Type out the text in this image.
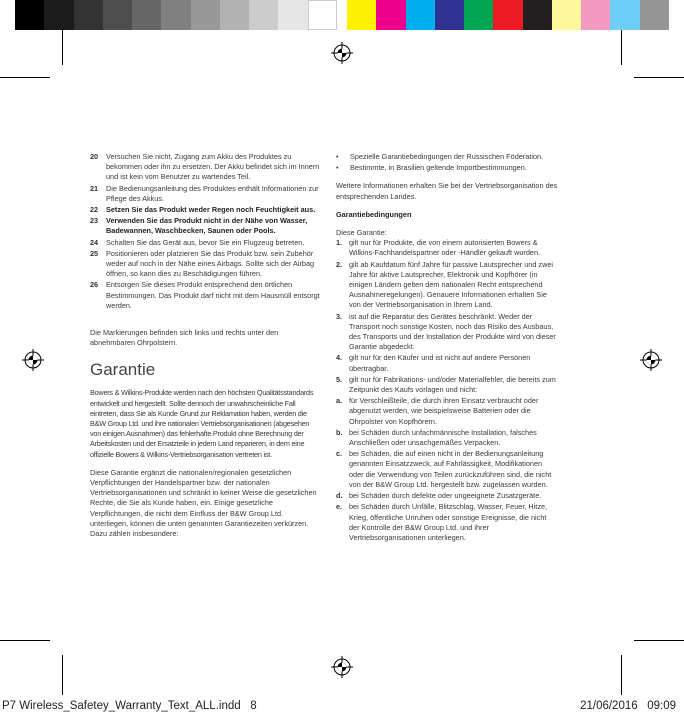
20	Versuchen Sie nicht, Zugang zum Akku des Produktes zu bekommen oder ihn zu ersetzen. Der Akku befindet sich im Innern und ist kein vom Benutzer zu wartendes Teil.
21	Die Bedienungsanleitung des Produktes enthält Informationen zur Pflege des Akkus.
22	Setzen Sie das Produkt weder Regen noch Feuchtigkeit aus.
23	Verwenden Sie das Produkt nicht in der Nähe von Wasser, Badewannen, Waschbecken, Saunen oder Pools.
24	Schalten Sie das Gerät aus, bevor Sie ein Flugzeug betreten.
25	Positionieren oder platzieren Sie das Produkt bzw. sein Zubehör weder auf noch in der Nähe eines Airbags. Sollte sich der Airbag öffnen, so kann dies zu Beschädigungen führen.
26	Entsorgen Sie dieses Produkt entsprechend den örtlichen Bestimmungen. Das Produkt darf nicht mit dem Hausmüll entsorgt werden.

Die Markierungen befinden sich links und rechts unter den abnehmbaren Ohrpolstern.

Garantie

Bowers & Wilkins-Produkte werden nach den höchsten Qualitätsstandards entwickelt und hergestellt. Sollte dennoch der unwahrscheinliche Fall eintreten, dass Sie als Kunde Grund zur Reklamation haben, werden die B&W Group Ltd. und ihre nationalen Vertriebsorganisationen (abgesehen von einigen Ausnahmen) das fehlerhafte Produkt ohne Berechnung der Arbeitskosten und der Ersatzteile in jedem Land reparieren, in dem eine offizielle Bowers & Wilkins-Vertriebsorganisation vertreten ist.

Diese Garantie ergänzt die nationalen/regionalen gesetzlichen Verpflichtungen der Handelspartner bzw. der nationalen Vertriebsorganisationen und schränkt in keiner Weise die gesetzlichen Rechte, die Sie als Kunde haben, ein. Einige gesetzliche Verpflichtungen, die nicht dem Einfluss der B&W Group Ltd. unterliegen, können die unten genannten Garantiezeiten verkürzen. Dazu zählen insbesondere:

•	Spezielle Garantiebedingungen der Russischen Föderation.
•	Bestimmte, in Brasilien geltende Importbestimmungen.

Weitere Informationen erhalten Sie bei der Vertriebsorganisation des entsprechenden Landes.

Garantiebedingungen

Diese Garantie:
1. gilt nur für Produkte, die von einem autorisierten Bowers & Wilkins-Fachhandelspartner oder -Händler gekauft wurden.
2. gilt ab Kaufdatum fünf Jahre für passive Lautsprecher und zwei Jahre für aktive Lautsprecher, Elektronik und Kopfhörer (in einigen Ländern gelten dem nationalen Recht entsprechend Ausnahmeregelungen). Genauere Informationen erhalten Sie von der Vertriebsorganisation in Ihrem Land.
3. ist auf die Reparatur des Gerätes beschränkt. Weder der Transport noch sonstige Kosten, noch das Risiko des Ausbaus, des Transports und der Installation der Produkte wird von dieser Garantie abgedeckt.
4. gilt nur für den Käufer und ist nicht auf andere Personen übertragbar.
5. gilt nur für Fabrikations- und/oder Materialfehler, die bereits zum Zeitpunkt des Kaufs vorlagen und nicht:
a. für Verschleißteile, die durch ihren Einsatz verbraucht oder abgenutzt werden, wie beispielsweise Batterien oder die Ohrpolster von Kopfhörern.
b. bei Schäden durch unfachmännische Installation, falsches Anschließen oder unsachgemäßes Verpacken.
c. bei Schäden, die auf einen nicht in der Bedienungsanleitung genannten Einsatzzweck, auf Fahrlässigkeit, Modifikationen oder die Verwendung von Teilen zurückzuführen sind, die nicht von der B&W Group Ltd. hergestellt bzw. zugelassen wurden.
d. bei Schäden durch defekte oder ungeeignete Zusatzgeräte.
e. bei Schäden durch Unfälle, Blitzschlag, Wasser, Feuer, Hitze, Krieg, öffentliche Unruhen oder sonstige Ereignisse, die nicht der Kontrolle der B&W Group Ltd. und ihrer Vertriebsorganisationen unterliegen.
P7 Wireless_Safetey_Warranty_Text_ALL.indd   8	21/06/2016   09:09
